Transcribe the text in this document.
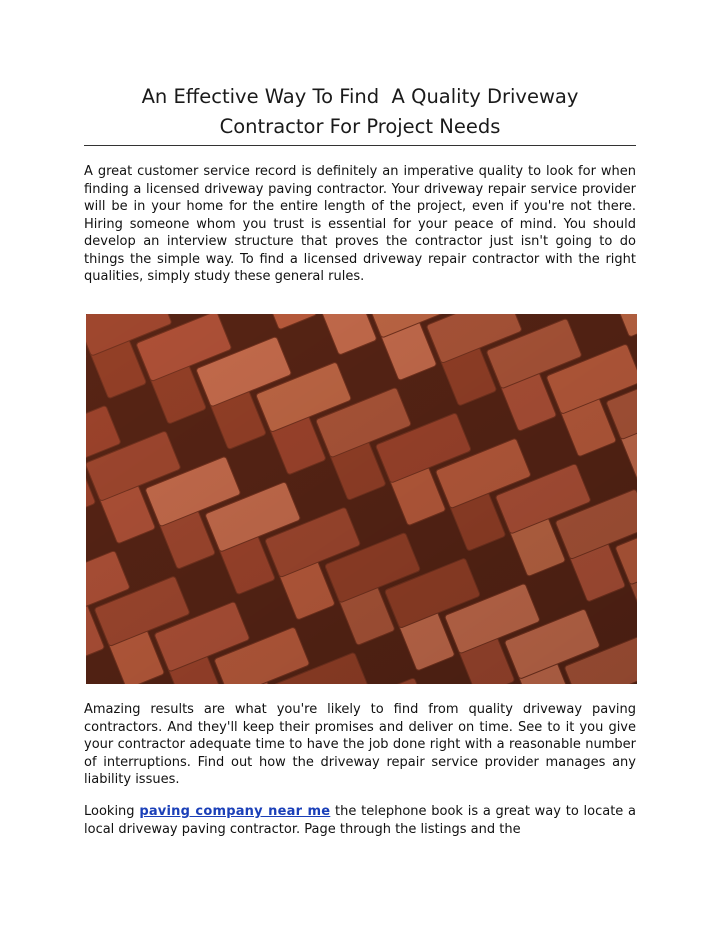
An Effective Way To Find  A Quality Driveway
Contractor For Project Needs

A great customer service record is definitely an imperative quality to look for when finding a licensed driveway paving contractor. Your driveway repair service provider will be in your home for the entire length of the project, even if you're not there. Hiring someone whom you trust is essential for your peace of mind. You should develop an interview structure that proves the contractor just isn't going to do things the simple way. To find a licensed driveway repair contractor with the right qualities, simply study these general rules.

Amazing results are what you're likely to find from quality driveway paving contractors. And they'll keep their promises and deliver on time. See to it you give your contractor adequate time to have the job done right with a reasonable number of interruptions. Find out how the driveway repair service provider manages any liability issues.

Looking paving company near me the telephone book is a great way to locate a local driveway paving contractor. Page through the listings and the
